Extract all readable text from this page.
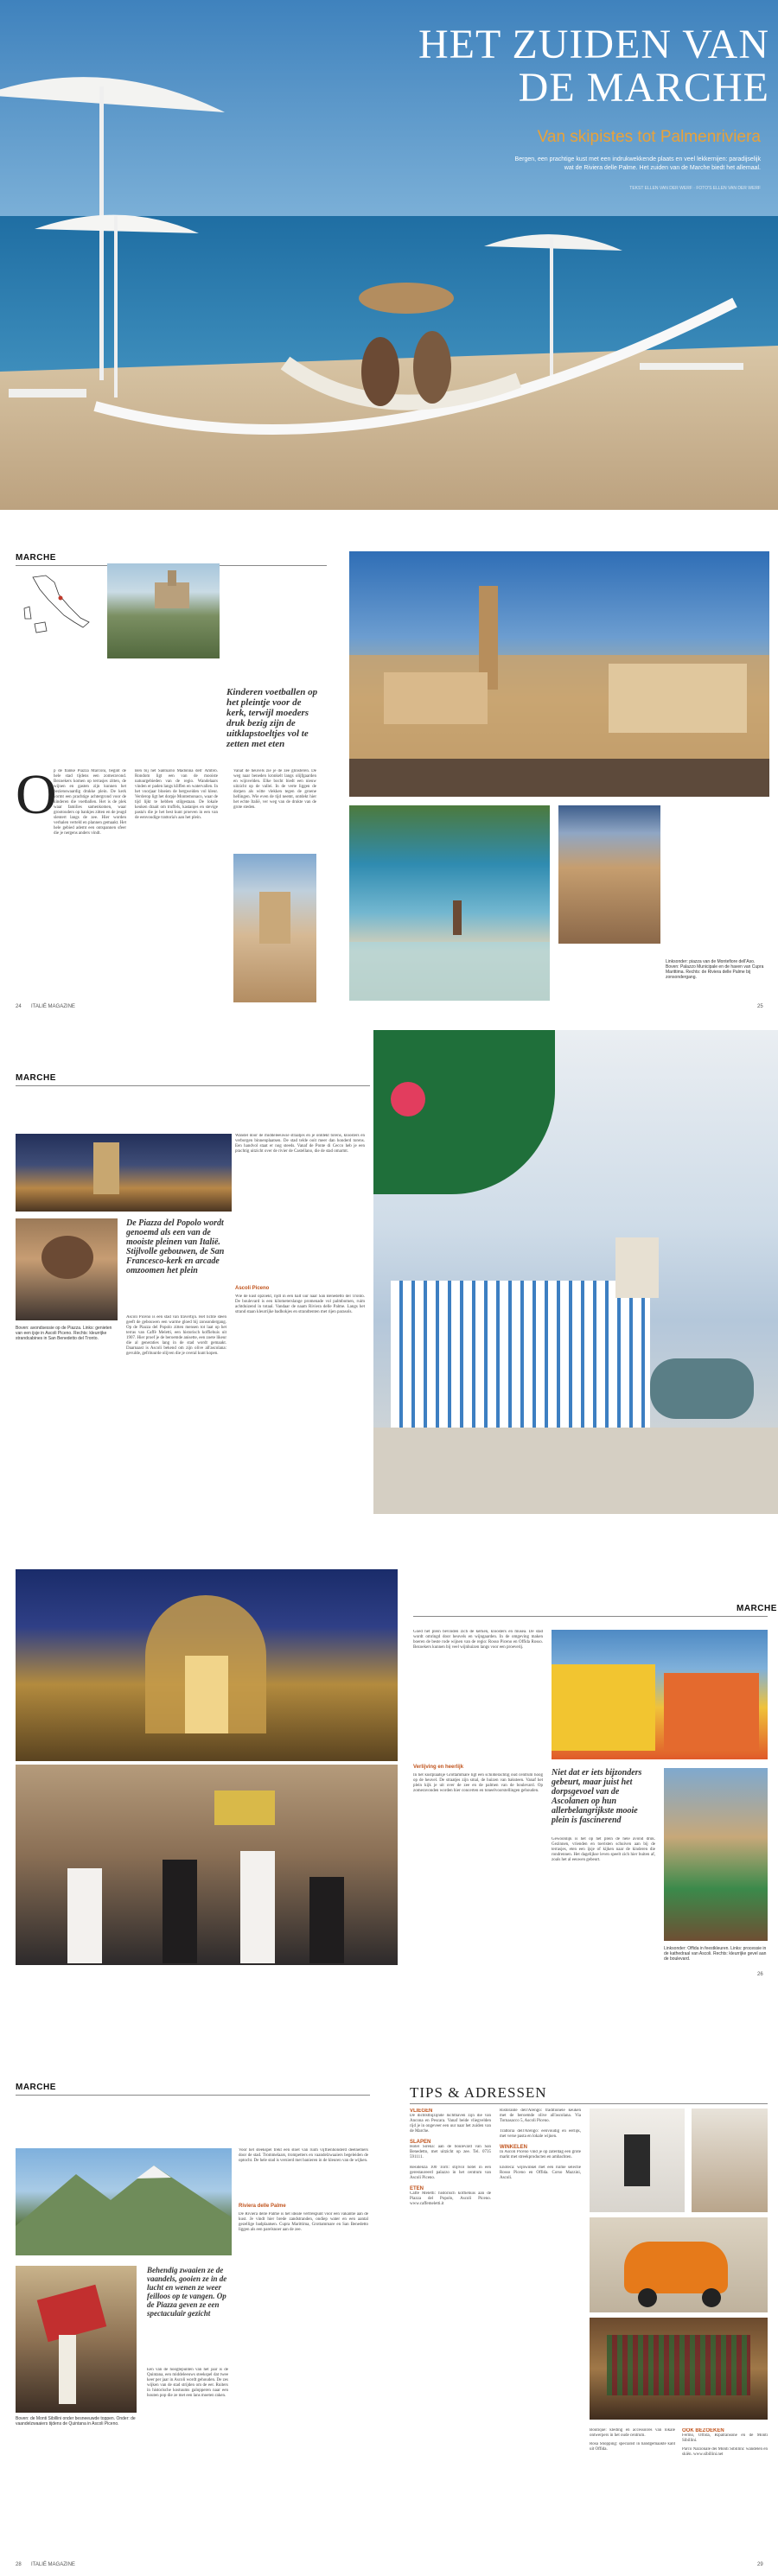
HET ZUIDEN VAN
DE MARCHE
Van skipistes tot Palmenriviera
Bergen, een prachtige kust met een indrukwekkende plaats en veel lekkernijen: paradijselijk wat de Riviera delle Palme. Het zuiden van de Marche biedt het allemaal.
TEKST ELLEN VAN DER WERF · FOTO'S ELLEN VAN DER WERF
MARCHE
O
p de flanke Piazza Marconi, begint de hele stad tijdens een zomeravond. Bezoekers komen op terrasjes zitten, de wijnen en gasten zijn kunnen het bezienswaardig drukke plein. De kerk vormt een prachtige achtergrond voor de kinderen die voetballen. Het is de plek waar families samenkomen, waar grootouders op bankjes zitten en de jeugd slentert langs de zee. Hier worden verhalen verteld en plannen gemaakt. Het hele gebied ademt een ontspannen sfeer die je nergens anders vindt.
Ben bij het Santuario Madonna dell' Ambro. Rondom ligt een van de mooiste natuurgebieden van de regio. Wandelaars vinden er paden langs kliffen en watervallen. In het voorjaar bloeien de bergweiden vol kleur. Verderop ligt het dorpje Montemonaco, waar de tijd lijkt te hebben stilgestaan. De lokale keuken draait om truffels, kastanjes en stevige pasta's die je het best kunt proeven in een van de eenvoudige trattoria's aan het plein.
Vanaf de heuvels zie je de zee glinsteren. De weg naar beneden kronkelt langs olijfgaarden en wijnvelden. Elke bocht biedt een nieuw uitzicht op de vallei. In de verte liggen de dorpen als witte vlekken tegen de groene hellingen. Wie even de tijd neemt, ontdekt hier het echte Italië, ver weg van de drukte van de grote steden.
Kinderen voetballen op het pleintje voor de kerk, terwijl moeders druk bezig zijn de uitklapstoeltjes vol te zetten met eten
Linksonder: piazza van de Montefiore dell'Aso. Boven: Palazzo Municipale en de haven van Cupra Marittima. Rechts: de Riviera delle Palme bij zonsondergang.
24 ITALIË MAGAZINE	25
MARCHE
De Piazza del Popolo wordt genoemd als een van de mooiste pleinen van Italië. Stijlvolle gebouwen, de San Francesco-kerk en arcade omzoomen het plein
Boven: avondsessie op de Piazza. Links: genieten van een ijsje in Ascoli Piceno. Rechts: kleurrijke strandcabines in San Benedetto del Tronto.
Ascoli Piceno is een stad van travertijn. Het lichte steen geeft de gebouwen een warme gloed bij zonsondergang. Op de Piazza del Popolo zitten mensen tot laat op het terras van Caffè Meletti, een historisch koffiehuis uit 1907. Hier proef je de beroemde anisette, een zoete likeur die al generaties lang in de stad wordt gemaakt. Daarnaast is Ascoli bekend om zijn olive all'ascolana: gevulde, gefrituurde olijven die je overal kunt kopen.
Wandel door de middeleeuwse straatjes en je ontdekt torens, kloosters en verborgen binnenplaatsen. De stad telde ooit meer dan honderd torens. Een handvol staat er nog steeds. Vanaf de Ponte di Cecco heb je een prachtig uitzicht over de rivier de Castellano, die de stad omarmt.
Ascoli Piceno
Wie de kust opzoekt, rijdt in een half uur naar San Benedetto del Tronto. De boulevard is een kilometerslange promenade vol palmbomen, ruim achtduizend in totaal. Vandaar de naam Riviera delle Palme. Langs het strand staan kleurrijke badhokjes en strandtenten met rijen parasols.
MARCHE
Goed het plein bevinden zich de kerken, kloosters en musea. De stad wordt omringd door heuvels en wijngaarden. In de omgeving maken boeren de beste rode wijnen van de regio: Rosso Piceno en Offida Rosso. Bezoekers kunnen bij veel wijnhuizen langs voor een proeverij.
Verlijving en heerlijk
In het kustplaatsje Grottammare ligt een schilderachtig oud centrum hoog op de heuvel. De straatjes zijn smal, de huizen van baksteen. Vanaf het plein kijk je uit over de zee en de palmen van de boulevard. Op zomeravonden worden hier concerten en toneelvoorstellingen gehouden.
Niet dat er iets bijzonders gebeurt, maar juist het dorpsgevoel van de Ascolanen op hun allerbelangrijkste mooie plein is fascinerend
Gewoonlijk is het op het plein de hele avond druk. Gezinnen, vrienden en toeristen schuiven aan bij de terrasjes, eten een ijsje of kijken naar de kinderen die rondrennen. Het dagelijkse leven speelt zich hier buiten af, zoals het al eeuwen gebeurt.
Linksonder: Offida in feestkleuren. Links: processie in de kathedraal van Ascoli. Rechts: kleurrijke gevel aan de boulevard.
26
MARCHE
Behendig zwaaien ze de vaandels, gooien ze in de lucht en wenen ze weer feilloos op te vangen. Op de Piazza geven ze een spectaculair gezicht
Boven: de Monti Sibillini onder besneeuwde toppen. Onder: de vaandelzwaaiers tijdens de Quintana in Ascoli Piceno.
Een van de hoogtepunten van het jaar is de Quintana, een middeleeuws steekspel dat twee keer per jaar in Ascoli wordt gehouden. De zes wijken van de stad strijden om de eer. Ruiters in historische kostuums galopperen naar een houten pop die ze met een lans moeten raken.
Voor het steekspel trekt een stoet van ruim vijftienhonderd deelnemers door de stad. Trommelaars, trompetters en vaandelzwaaiers begeleiden de optocht. De hele stad is versierd met banieren in de kleuren van de wijken.
Riviera delle Palme
De Riviera delle Palme is het ideale vertrekpunt voor een vakantie aan de kust. Je vindt hier brede zandstranden, ondiep water en een aantal gezellige badplaatsen. Cupra Marittima, Grottammare en San Benedetto liggen als een parelsnoer aan de zee.
28 ITALIË MAGAZINE
TIPS & ADRESSEN
VLIEGEN
De dichtstbijzijnde luchthaven zijn die van Ancona en Pescara. Vanaf beide vliegvelden rijd je in ongeveer een uur naar het zuiden van de Marche.
SLAPEN
Hotel Sirena: aan de boulevard van San Benedetto, met uitzicht op zee. Tel. 0735 591111.
Residenza 100 Torri: stijlvol hotel in een gerestaureerd palazzo in het centrum van Ascoli Piceno.
ETEN
Caffè Meletti: historisch koffiehuis aan de Piazza del Popolo, Ascoli Piceno. www.caffemeletti.it
Ristorante dell'Arengo: traditionele keuken met de beroemde olive all'ascolana. Via Tornasacco 5, Ascoli Piceno.
Trattoria dell'Arengo: eenvoudig en eerlijk, met verse pasta en lokale wijnen.
WINKELEN
In Ascoli Piceno vind je op zaterdag een grote markt met streekproducten en ambachten.
Enoteca: wijnwinkel met een ruime selectie Rosso Piceno en Offida. Corso Mazzini, Ascoli.
Boutique: kleding en accessoires van lokale ontwerpers in het oude centrum.
Rosa Shopping: specialist in handgemaakte kant uit Offida.
OOK BEZOEKEN
Fermo, Offida, Ripatransone en de Monti Sibillini.
Parco Nazionale dei Monti Sibillini: wandelen en skiën. www.sibillini.net
29
